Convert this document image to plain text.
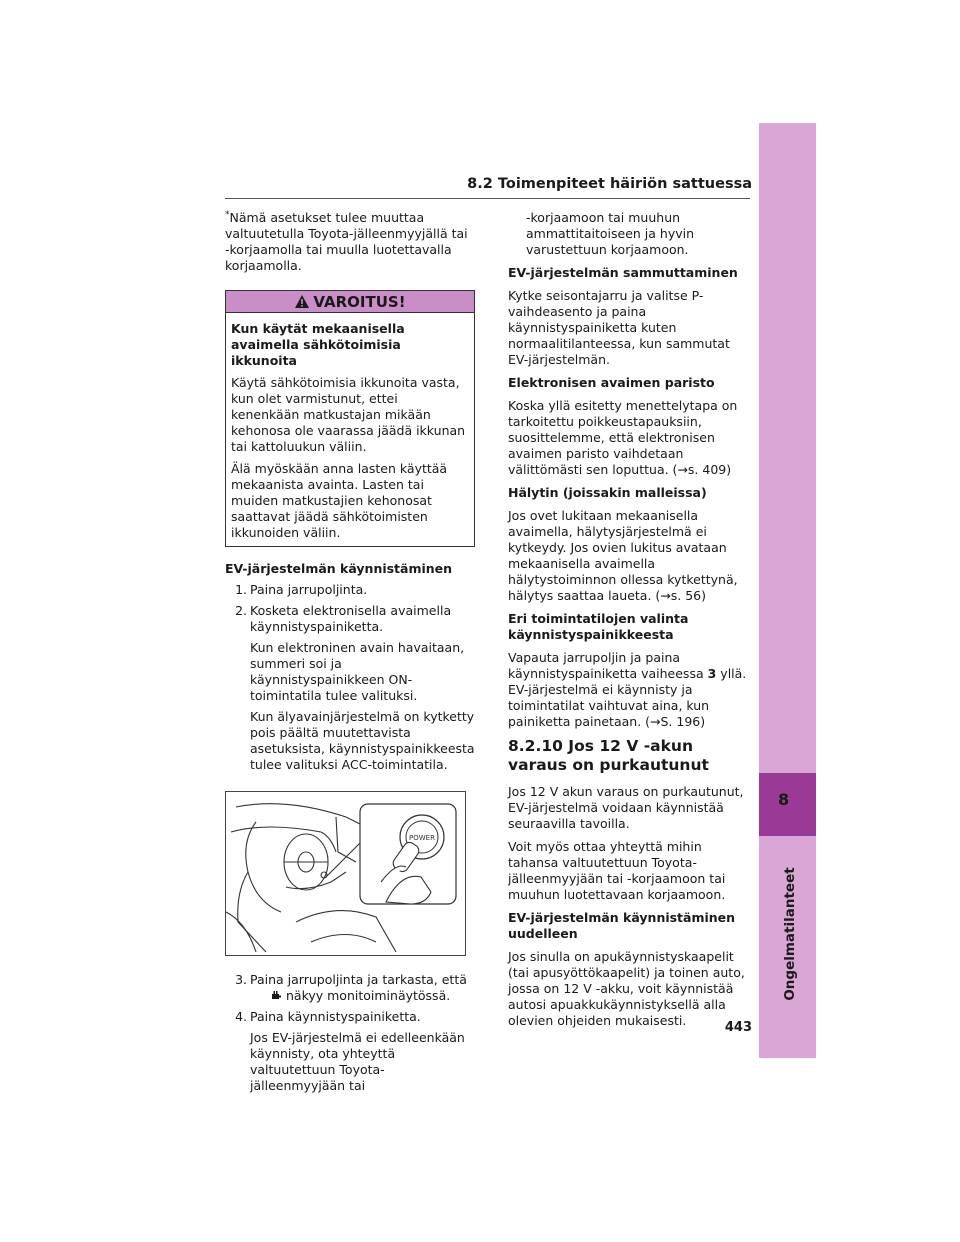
8
Ongelmatilanteet
8.2 Toimenpiteet häiriön sattuessa

*Nämä asetukset tulee muuttaa valtuutetulla Toyota-jälleenmyyjällä tai -korjaamolla tai muulla luotettavalla korjaamolla.

VAROITUS!

Kun käytät mekaanisella avaimella sähkötoimisia ikkunoita

Käytä sähkötoimisia ikkunoita vasta, kun olet varmistunut, ettei kenenkään matkustajan mikään kehonosa ole vaarassa jäädä ikkunan tai kattoluukun väliin.

Älä myöskään anna lasten käyttää mekaanista avainta. Lasten tai muiden matkustajien kehonosat saattavat jäädä sähkötoimisten ikkunoiden väliin.

EV-järjestelmän käynnistäminen

1. Paina jarrupoljinta.
2. Kosketa elektronisella avaimella käynnistyspainiketta.

Kun elektroninen avain havaitaan, summeri soi ja käynnistyspainikkeen ON-toimintatila tulee valituksi.

Kun älyavainjärjestelmä on kytketty pois päältä muutettavista asetuksista, käynnistyspainikkeesta tulee valituksi ACC-toimintatila.

POWER
3. Paina jarrupoljinta ja tarkasta, että
näkyy monitoiminäytössä.
4. Paina käynnistyspainiketta.

Jos EV-järjestelmä ei edelleenkään käynnisty, ota yhteyttä valtuutettuun Toyota-jälleenmyyjään tai

-korjaamoon tai muuhun ammattitaitoiseen ja hyvin varustettuun korjaamoon.

EV-järjestelmän sammuttaminen

Kytke seisontajarru ja valitse P-vaihdeasento ja paina käynnistyspainiketta kuten normaalitilanteessa, kun sammutat EV-järjestelmän.

Elektronisen avaimen paristo

Koska yllä esitetty menettelytapa on tarkoitettu poikkeustapauksiin, suosittelemme, että elektronisen avaimen paristo vaihdetaan välittömästi sen loputtua. (→s. 409)

Hälytin (joissakin malleissa)

Jos ovet lukitaan mekaanisella avaimella, hälytysjärjestelmä ei kytkeydy. Jos ovien lukitus avataan mekaanisella avaimella hälytystoiminnon ollessa kytkettynä, hälytys saattaa laueta. (→s. 56)

Eri toimintatilojen valinta käynnistyspainikkeesta

Vapauta jarrupoljin ja paina käynnistyspainiketta vaiheessa 3 yllä. EV-järjestelmä ei käynnisty ja toimintatilat vaihtuvat aina, kun painiketta painetaan. (→S. 196)

8.2.10 Jos 12 V -akun varaus on purkautunut

Jos 12 V akun varaus on purkautunut, EV-järjestelmä voidaan käynnistää seuraavilla tavoilla.

Voit myös ottaa yhteyttä mihin tahansa valtuutettuun Toyota-jälleenmyyjään tai -korjaamoon tai muuhun luotettavaan korjaamoon.

EV-järjestelmän käynnistäminen uudelleen

Jos sinulla on apukäynnistyskaapelit (tai apusyöttökaapelit) ja toinen auto, jossa on 12 V -akku, voit käynnistää autosi apuakkukäynnistyksellä alla olevien ohjeiden mukaisesti.	443
